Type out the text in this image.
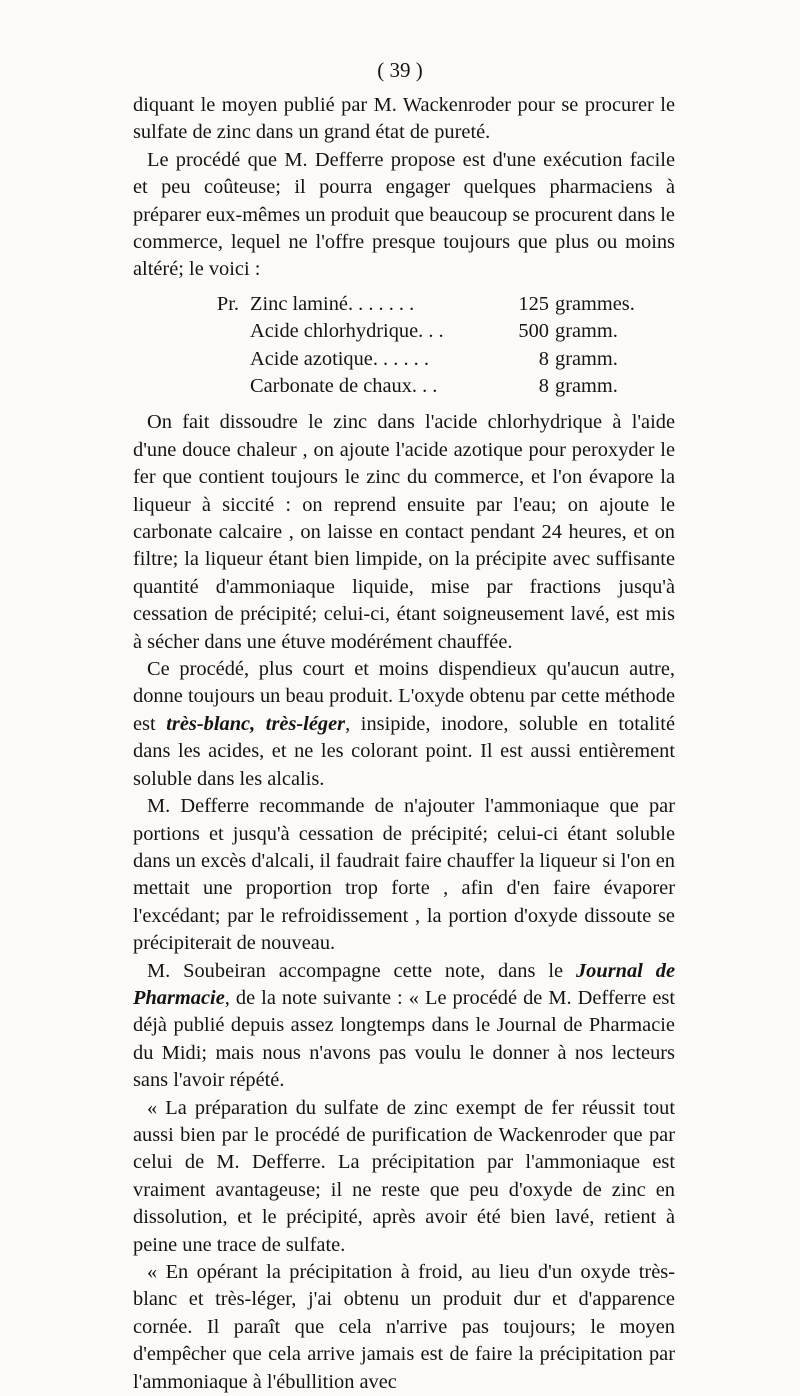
( 39 )

diquant le moyen publié par M. Wackenroder pour se procurer le sulfate de zinc dans un grand état de pureté.

Le procédé que M. Defferre propose est d'une exécution facile et peu coûteuse; il pourra engager quelques pharmaciens à préparer eux-mêmes un produit que beaucoup se procurent dans le commerce, lequel ne l'offre presque toujours que plus ou moins altéré; le voici :

Pr. Zinc laminé. . . . . . .	125 grammes.
Acide chlorhydrique. . .	500 gramm.
Acide azotique. . . . . .	8 gramm.
Carbonate de chaux. . .	8 gramm.

On fait dissoudre le zinc dans l'acide chlorhydrique à l'aide d'une douce chaleur , on ajoute l'acide azotique pour peroxyder le fer que contient toujours le zinc du commerce, et l'on évapore la liqueur à siccité : on reprend ensuite par l'eau; on ajoute le carbonate calcaire , on laisse en contact pendant 24 heures, et on filtre; la liqueur étant bien limpide, on la précipite avec suffisante quantité d'ammoniaque liquide, mise par fractions jusqu'à cessation de précipité; celui-ci, étant soigneusement lavé, est mis à sécher dans une étuve modérément chauffée.

Ce procédé, plus court et moins dispendieux qu'aucun autre, donne toujours un beau produit. L'oxyde obtenu par cette méthode est très-blanc, très-léger, insipide, inodore, soluble en totalité dans les acides, et ne les colorant point. Il est aussi entièrement soluble dans les alcalis.

M. Defferre recommande de n'ajouter l'ammoniaque que par portions et jusqu'à cessation de précipité; celui-ci étant soluble dans un excès d'alcali, il faudrait faire chauffer la liqueur si l'on en mettait une proportion trop forte , afin d'en faire évaporer l'excédant; par le refroidissement , la portion d'oxyde dissoute se précipiterait de nouveau.

M. Soubeiran accompagne cette note, dans le Journal de Pharmacie, de la note suivante : « Le procédé de M. Defferre est déjà publié depuis assez longtemps dans le Journal de Pharmacie du Midi; mais nous n'avons pas voulu le donner à nos lecteurs sans l'avoir répété.

« La préparation du sulfate de zinc exempt de fer réussit tout aussi bien par le procédé de purification de Wackenroder que par celui de M. Defferre. La précipitation par l'ammoniaque est vraiment avantageuse; il ne reste que peu d'oxyde de zinc en dissolution, et le précipité, après avoir été bien lavé, retient à peine une trace de sulfate.

« En opérant la précipitation à froid, au lieu d'un oxyde très-blanc et très-léger, j'ai obtenu un produit dur et d'apparence cornée. Il paraît que cela n'arrive pas toujours; le moyen d'empêcher que cela arrive jamais est de faire la précipitation par l'ammoniaque à l'ébullition avec
